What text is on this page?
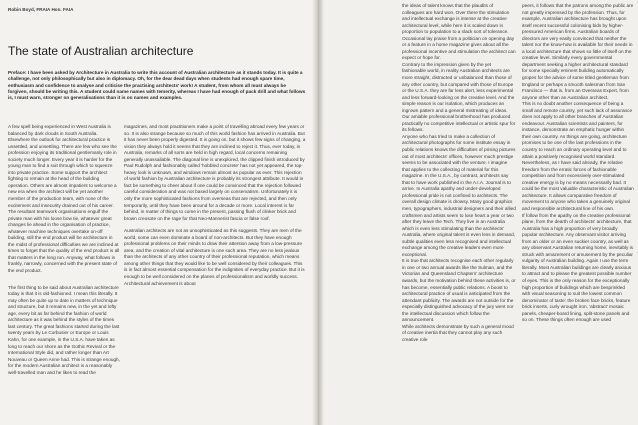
Robin Boyd, FRAIA Hon. FAIA
The state of Australian architecture

Preface: I have been asked by Architecture in Australia to write this account of Australian architecture as it stands today. It is quite a challenge, not only philosophically but also in diplomacy. Oh, for the dear dead days when students had enough spare time, enthusiasm and confidence to analyse and criticise the practising architects' work! A student, from whom all must always be forgiven, should be writing this. A student could name names with temerity, whereas I have had enough of pack drill and what follows is, I must warn, stronger on generalisations than it is on names and examples.

A few spell being experienced in West Australia is balanced by dark clouds in South Australia. Elsewhere the outlook for architectural practice is unsettled, and unsettling. There are few who see the profession enjoying its traditional gentlemanly role in society much longer. Every year it is harder for the young man to find a suit through which to squeeze into private practice. Some support the architect fighting to remain at the head of the building operation. Others are almost impatient to welcome a new era when the architect will be yet another member of the production team, with none of the excitement and insecurity drained out of his career. The resultant teamwork organisations engulf the private man with his loose bow tie, whatever great changes lie ahead in the organisation of practice, whatever machine techniques overtake on-off building, still the end product will be architecture in the midst of professional difficulties we are inclined at times to forget that the quality of the end product is all that matters in the long run. Anyway, what follows is frankly, narrowly, concerned with the present state of the end product.

The first thing to be said about Australian architecture today is that it is old-fashioned. I mean this literally. It may often be quite up to date in matters of technique and structure, but it remains new, in the yet and lofty age, every bit as far behind the fashion of world architecture as it was behind the styles of the times last century. The great fashions started during the last twenty years by Le Corbusier or Europe or Louis Kahn, for one example, in the U.S.A. have taken as long to reach our shore as the Gothic Revival or the International Style did, and rather longer than Art Nouveau or Queen Anne had. This is strange enough, for the modern Australian architect is a reasonably well-travelled man and he likes to read the

magazines, and most practitioners make a point of travelling abroad every few years or so. It is also strange because so much of this world fashion has arrived in Australia. But it has never been properly digested. It is going on, but it shows few signs of changing, a vision they always hold it seems that they are inclined to reject it. Thus, ever today, in Australia, remarks of all sorts are held in high regard, local concerns remaining generally unassailable. The diagonal line is unexplored, the clipped finish introduced by Paul Rudolph and fashionably called 'hobbled concrete' has not yet appeared, the top-heavy look is unknown, and windows remain almost as popular as ever. This rejection of world fashion by Australian architecture is probably its strongest attribute. It would in fact be something to cheer about if one could be convinced that the rejection followed careful consideration and was not based largely on conservatism. Unfortunately it is only the more sophisticated fashions from overseas that are rejected, and then only temporarily, until they have been around for a decade or more. Local interest is far behind, in matter of things to come in the present, passing flush of clinker brick and brown creosote on the rage for that Neo-Mannerist fascia or false roof.

Australian architects are not as unsophisticated as this suggests. They are men of the world, some can even dominate a board of non-architects. But they have enough professional problems on their minds to draw their attention away from a low-pressure area, and the creation of vital architecture is one such area. They are no less jealous than the architects of any other country of their professional reputation, which means among other things that they would like to be well considered by their colleagues. This is in fact almost essential compensation for the indignities of everyday practice. But it is enough to be well considered on the planes of professionalism and worldly success. Architectural achievement is about

the ideas of talent knows that the plaudits of colleagues are hard won. Over there the stimulation and intellectual exchange is intense at the creative architectural level, while here it is scaled down in proportion to population to a slack sort of tolerance. Occasional lay praise from a politician on opening day or a feature in a home magazine gives about all the professional incentive and stimulation the architect can expect or hope for.

Contrary to the impression given by the yet fashionable world, in reality Australian architects are more straight, distracted or unbalanced than those of any other country, but compared with those of Europe or the U.S.A. they are far less alert, less experimental and less forward-looking on the creative level. And the simple reason is our isolation, which produces an ingrown pattern and a general mistreating of ideas. Our amiable professional brotherhood has produced practically no competitive intellectual or artistic spur for its fellows.

Anyone who has tried to make a collection of architectural photographs for some institute essay in public relations knows the difficulties of prising pictures out of most architects' offices, however much prestige seems to be associated with the venture. I imagine that applies to the collecting of material for this magazine. In the U.S.A., by contrast, architects say that to have work published in the A.I.A. Journal is to arrive. In Australia apathy and under-developed professional pride is not confined to architects. The overall design climate is drowsy. Many good graphics men, typographers, industrial designers and their allied craftsmen and artists seem to lose heart a year or two after they leave the Tech. They live in an Australia which is even less stimulating than the architects' Australia, where original talent is even less in demand, subtle qualities even less recognised and intellectual exchange among the creative leaders even more exceptional.

It is true that architects recognise each other regularly in one or two annual awards like the Sulman, and the Victorian and Queensland Chapters' architecture awards, but the motivation behind these activities is, or has become, essentially public relations. A boost to architectural practice of usual is anticipated from the attendant publicity. The awards are not outside for the especially distinguished advocacy of the jury went nor the intellectual discussion which follow the announcement.

While architects demonstrate by such a general mood of creative inertia that they cannot play any such creative role

peers, it follows that the patrons among the public are not greatly impressed by the profession. Thus, for example, Australian architecture has brought upon itself recent successful colonising bids by higher-pressured American firms. Australian boards of directors are very easily convinced that neither the talent nor the know-how is available for their needs in a local architecture that shows so little of itself on the creative level. Similarly every governmental department seeking a higher architectural standard for some specially eminent building automatically gropes for the advice of some titled gentleman from England or perhaps a smooth salesman from San Francisco — that is, from an Overseas Expert, from anyone other than an Australian architect.

This is no doubt another consequence of being a small and remote country, yet such lack of assurance does not apply to all other branches of Australian endeavour. Australian scientists and painters, for instance, demonstrate an emphatic hunger within their own country. As things are going, architecture promises to be one of the last professions in the country to reach an ordinary operating level and to attain a positively recognised world standard.

Nevertheless, as I have said already, the relative freedom from the erratic forces of fashionable competition and from excessively over-stimulated creative energy is by no means necessarily bad. It could be the most valuable characteristic of Australian architecture. It allows comparative freedom of movement to anyone who takes a genuinely original and responsible architectural line of his own.

If follow from the apathy on the creative professional plane, from the dearth of architects' architecture, that Australia has a high proportion of very broadly popular architecture. Any observant visitor arriving from an older or an even suckier country, as well as any observant Australian returning home, inevitably is struck with amazement or amusement by the peculiar vulgarity of Australian building. Again I use the term literally. Most Australian buildings are clearly anxious to attract and to please the greatest possible number of eyes. This is the only reason for the exceptionally high proportion of buildings which are besprinkled with visual seasoning to suit the lowest common denominator of taste: the broken face bricks, feature brick inserts, curly wrought iron, 'abstract' mosaic panels, cheaper-board lining, split-stone panels and so on. These things often enough are used
